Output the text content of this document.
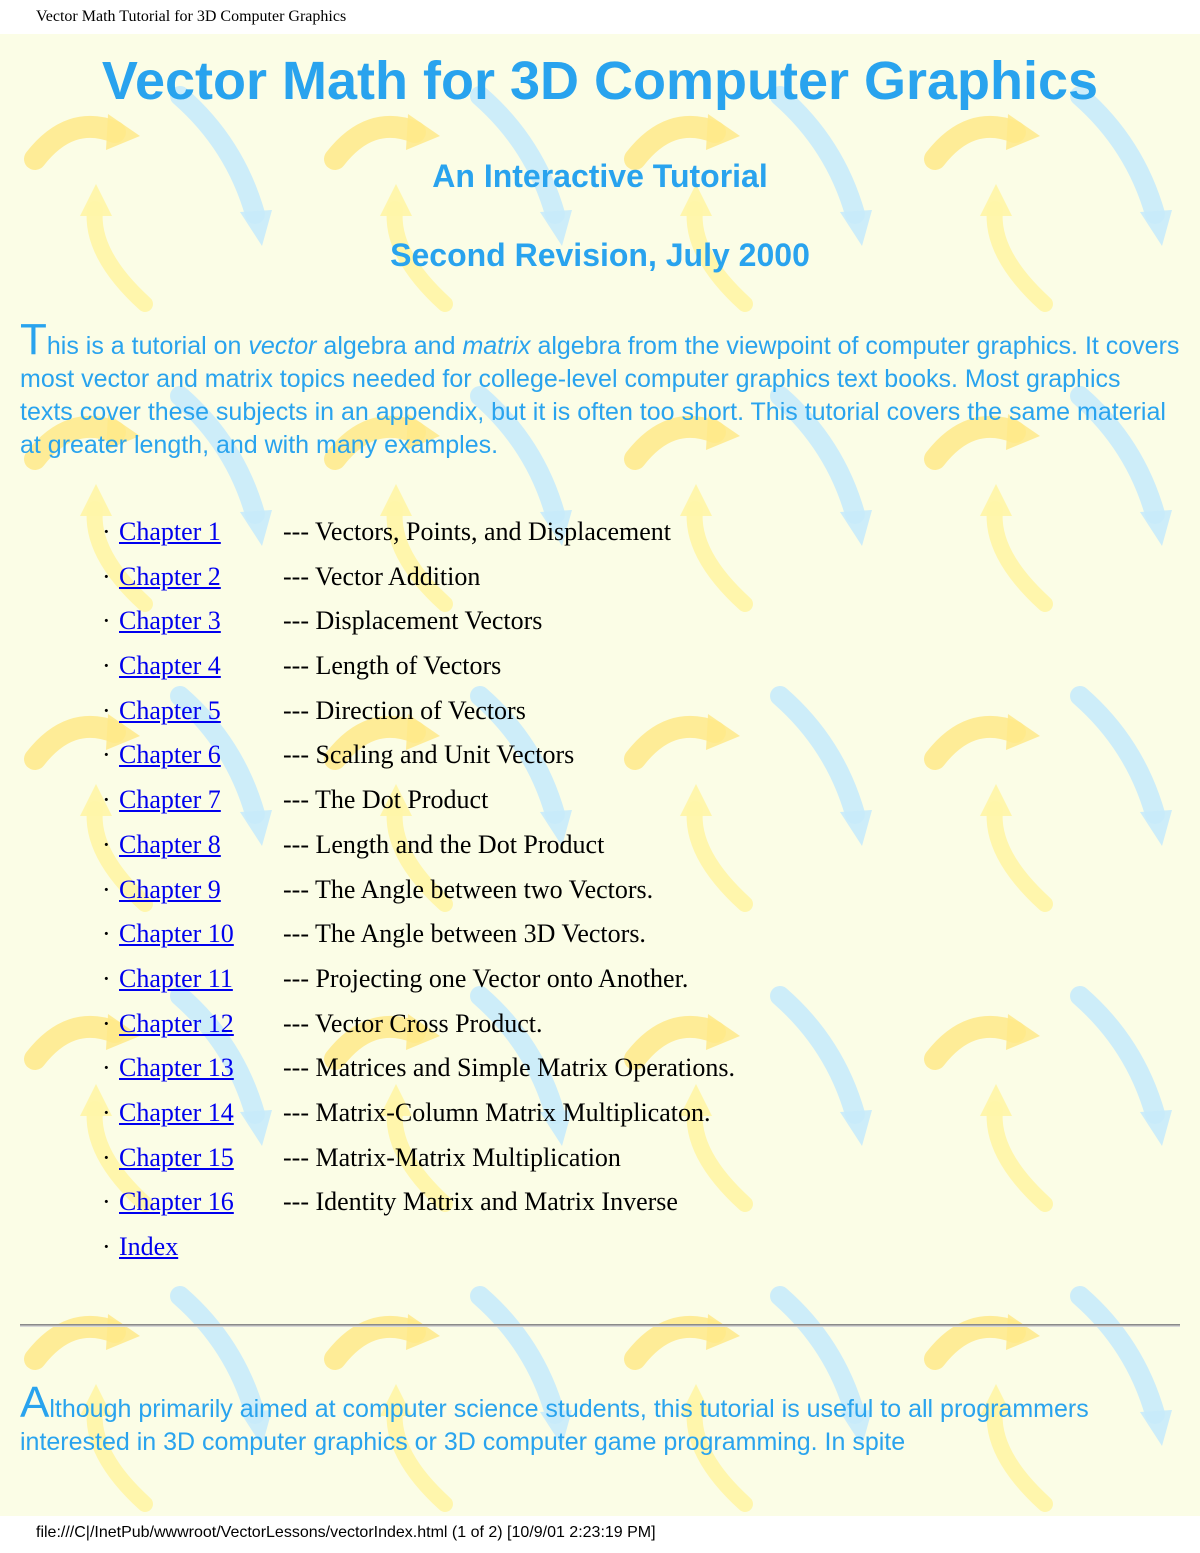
Vector Math Tutorial for 3D Computer Graphics
Vector Math for 3D Computer Graphics
An Interactive Tutorial
Second Revision, July 2000

This is a tutorial on vector algebra and matrix algebra from the viewpoint of computer graphics. It covers most vector and matrix topics needed for college-level computer graphics text books. Most graphics texts cover these subjects in an appendix, but it is often too short. This tutorial covers the same material at greater length, and with many examples.

· Chapter 1 --- Vectors, Points, and Displacement
· Chapter 2 --- Vector Addition
· Chapter 3 --- Displacement Vectors
· Chapter 4 --- Length of Vectors
· Chapter 5 --- Direction of Vectors
· Chapter 6 --- Scaling and Unit Vectors
· Chapter 7 --- The Dot Product
· Chapter 8 --- Length and the Dot Product
· Chapter 9 --- The Angle between two Vectors.
· Chapter 10 --- The Angle between 3D Vectors.
· Chapter 11 --- Projecting one Vector onto Another.
· Chapter 12 --- Vector Cross Product.
· Chapter 13 --- Matrices and Simple Matrix Operations.
· Chapter 14 --- Matrix-Column Matrix Multiplicaton.
· Chapter 15 --- Matrix-Matrix Multiplication
· Chapter 16 --- Identity Matrix and Matrix Inverse
· Index

Although primarily aimed at computer science students, this tutorial is useful to all programmers interested in 3D computer graphics or 3D computer game programming. In spite

file:///C|/InetPub/wwwroot/VectorLessons/vectorIndex.html (1 of 2) [10/9/01 2:23:19 PM]
